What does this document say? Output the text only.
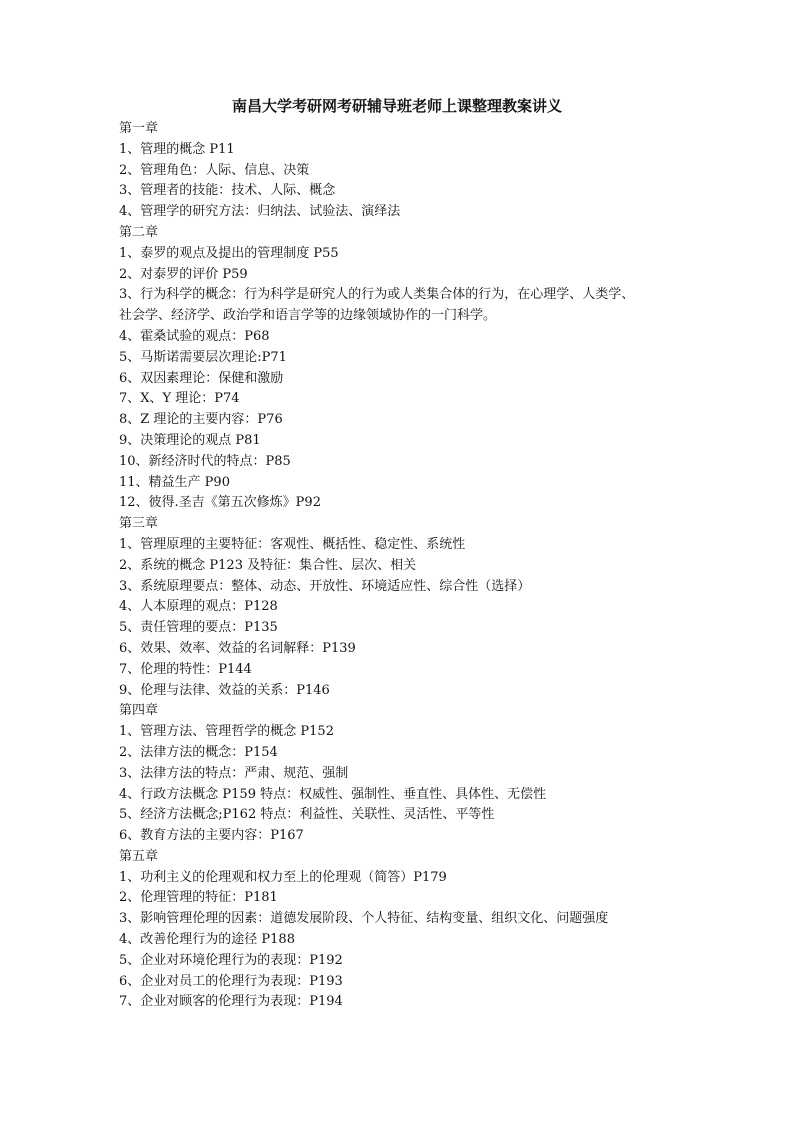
南昌大学考研网考研辅导班老师上课整理教案讲义
第一章
1、管理的概念 P11
2、管理角色：人际、信息、决策
3、管理者的技能：技术、人际、概念
4、管理学的研究方法：归纳法、试验法、演绎法
第二章
1、泰罗的观点及提出的管理制度 P55
2、对泰罗的评价 P59
3、行为科学的概念：行为科学是研究人的行为或人类集合体的行为，在心理学、人类学、
社会学、经济学、政治学和语言学等的边缘领域协作的一门科学。
4、霍桑试验的观点：P68
5、马斯诺需要层次理论:P71
6、双因素理论：保健和激励
7、X、Y 理论：P74
8、Z 理论的主要内容：P76
9、决策理论的观点 P81
10、新经济时代的特点：P85
11、精益生产 P90
12、彼得.圣吉《第五次修炼》P92
第三章
1、管理原理的主要特征：客观性、概括性、稳定性、系统性
2、系统的概念 P123 及特征：集合性、层次、相关
3、系统原理要点：整体、动态、开放性、环境适应性、综合性（选择）
4、人本原理的观点：P128
5、责任管理的要点：P135
6、效果、效率、效益的名词解释：P139
7、伦理的特性：P144
9、伦理与法律、效益的关系：P146
第四章
1、管理方法、管理哲学的概念 P152
2、法律方法的概念：P154
3、法律方法的特点：严肃、规范、强制
4、行政方法概念 P159 特点：权威性、强制性、垂直性、具体性、无偿性
5、经济方法概念;P162 特点：利益性、关联性、灵活性、平等性
6、教育方法的主要内容：P167
第五章
1、功利主义的伦理观和权力至上的伦理观（简答）P179
2、伦理管理的特征：P181
3、影响管理伦理的因素：道德发展阶段、个人特征、结构变量、组织文化、问题强度
4、改善伦理行为的途径 P188
5、企业对环境伦理行为的表现：P192
6、企业对员工的伦理行为表现：P193
7、企业对顾客的伦理行为表现：P194
